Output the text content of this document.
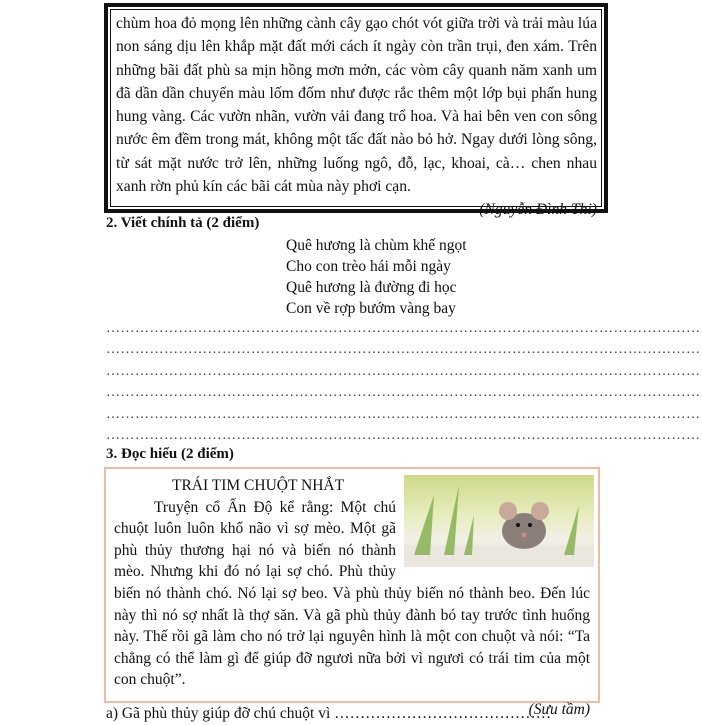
chùm hoa đỏ mọng lên những cành cây gạo chót vót giữa trời và trải màu lúa non sáng dịu lên khắp mặt đất mới cách ít ngày còn trần trụi, đen xám. Trên những bãi đất phù sa mịn hồng mơn mởn, các vòm cây quanh năm xanh um đã dần dần chuyển màu lốm đốm như được rắc thêm một lớp bụi phấn hung hung vàng. Các vườn nhãn, vườn vải đang trổ hoa. Và hai bên ven con sông nước êm đềm trong mát, không một tấc đất nào bỏ hở. Ngay dưới lòng sông, từ sát mặt nước trở lên, những luống ngô, đỗ, lạc, khoai, cà… chen nhau xanh rờn phủ kín các bãi cát mùa này phơi cạn.

(Nguyễn Đình Thi)
2. Viết chính tả (2 điểm)
Quê hương là chùm khế ngọt
Cho con trèo hái mỗi ngày
Quê hương là đường đi học
Con về rợp bướm vàng bay
……………………………………………………………………………………………………………
……………………………………………………………………………………………………………
……………………………………………………………………………………………………………
……………………………………………………………………………………………………………
……………………………………………………………………………………………………………
……………………………………………………………………………………………………………
3. Đọc hiểu (2 điểm)
TRÁI TIM CHUỘT NHẮT
Truyện cổ Ấn Độ kể rằng: Một chú chuột luôn luôn khổ não vì sợ mèo. Một gã phù thủy thương hại nó và biến nó thành mèo. Nhưng khi đó nó lại sợ chó. Phù thủy biến nó thành chó. Nó lại sợ beo. Và phù thủy biến nó thành beo. Đến lúc này thì nó sợ nhất là thợ săn. Và gã phù thủy đành bó tay trước tình huống này. Thế rồi gã làm cho nó trở lại nguyên hình là một con chuột và nói: “Ta chẳng có thể làm gì để giúp đỡ ngươi nữa bởi vì ngươi có trái tim của một con chuột”.
(Sưu tầm)
a) Gã phù thủy giúp đỡ chú chuột vì ……………………………………
